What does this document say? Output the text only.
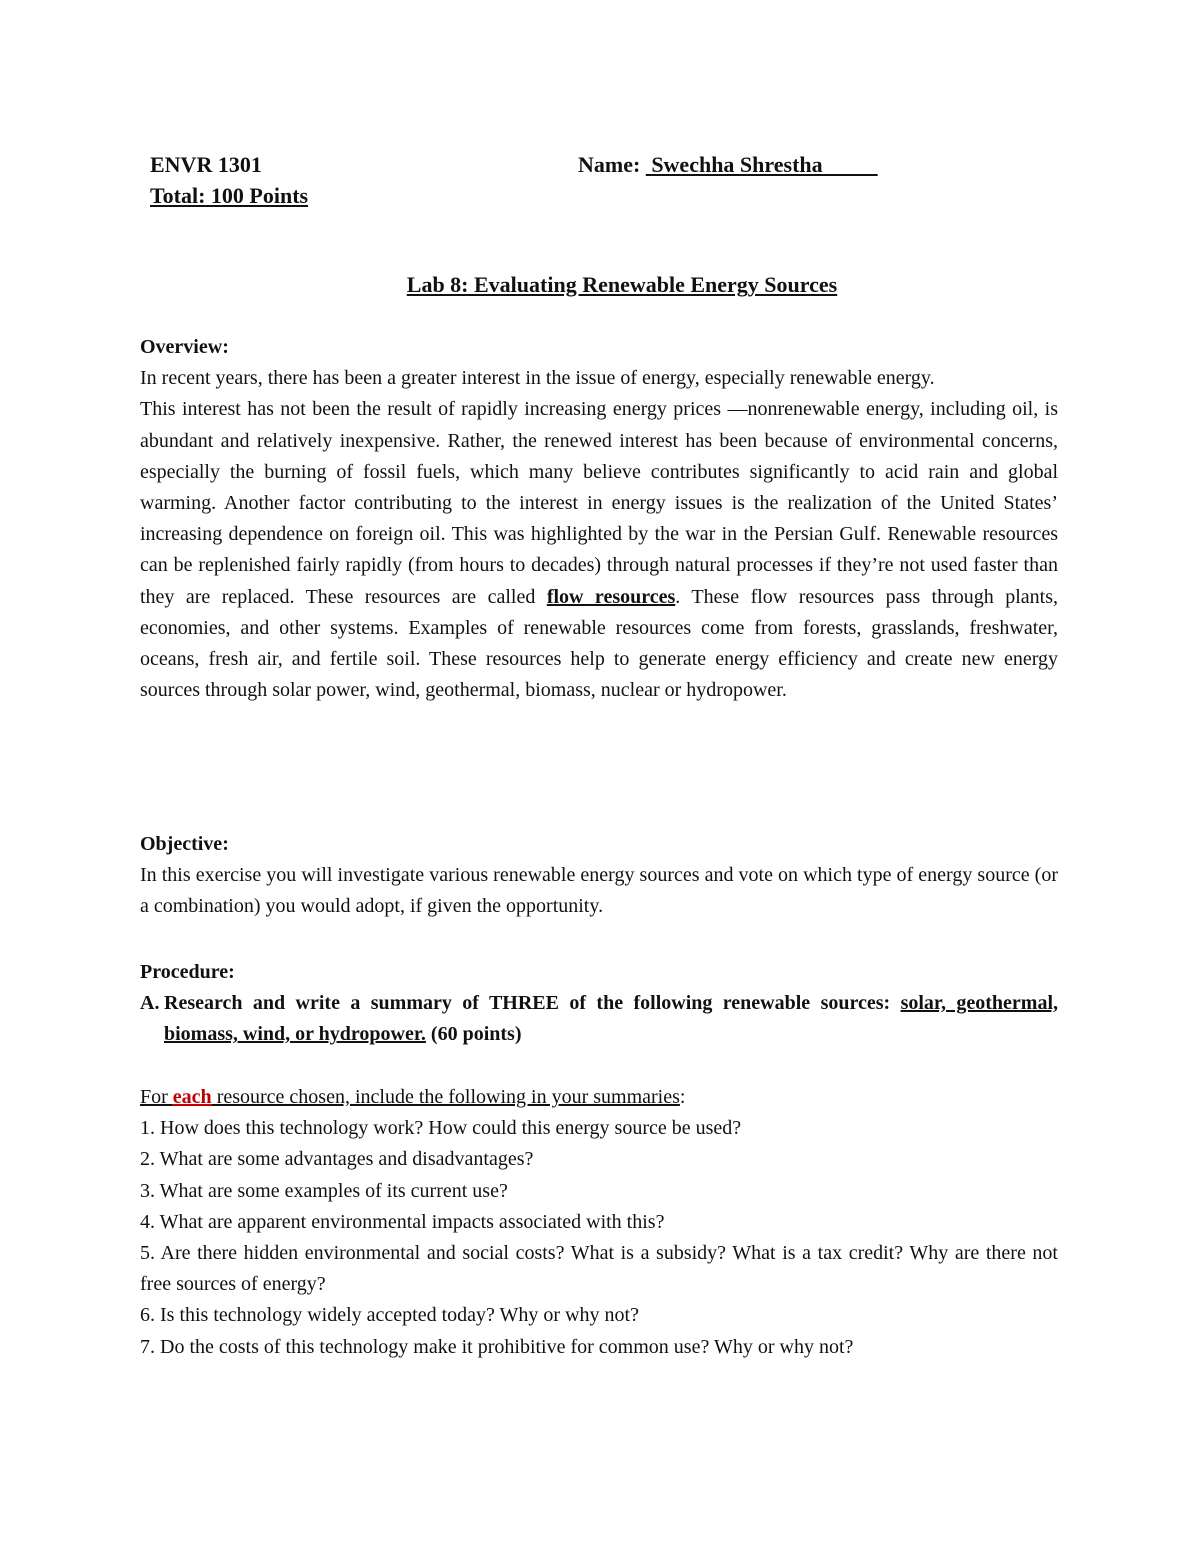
ENVR 1301
Total: 100 Points
Name:  Swechha Shrestha
Lab 8: Evaluating Renewable Energy Sources
Overview:

In recent years, there has been a greater interest in the issue of energy, especially renewable energy.

This interest has not been the result of rapidly increasing energy prices —nonrenewable energy, including oil, is abundant and relatively inexpensive. Rather, the renewed interest has been because of environmental concerns, especially the burning of fossil fuels, which many believe contributes significantly to acid rain and global warming. Another factor contributing to the interest in energy issues is the realization of the United States’ increasing dependence on foreign oil. This was highlighted by the war in the Persian Gulf. Renewable resources can be replenished fairly rapidly (from hours to decades) through natural processes if they’re not used faster than they are replaced. These resources are called flow resources. These flow resources pass through plants, economies, and other systems. Examples of renewable resources come from forests, grasslands, freshwater, oceans, fresh air, and fertile soil. These resources help to generate energy efficiency and create new energy sources through solar power, wind, geothermal, biomass, nuclear or hydropower.

Objective:

In this exercise you will investigate various renewable energy sources and vote on which type of energy source (or a combination) you would adopt, if given the opportunity.

Procedure:
A. Research and write a summary of THREE of the following renewable sources: solar, geothermal, biomass, wind, or hydropower. (60 points)

For each resource chosen, include the following in your summaries:

1. How does this technology work? How could this energy source be used?

2. What are some advantages and disadvantages?

3. What are some examples of its current use?

4. What are apparent environmental impacts associated with this?

5. Are there hidden environmental and social costs? What is a subsidy? What is a tax credit? Why are there not free sources of energy?

6. Is this technology widely accepted today? Why or why not?

7. Do the costs of this technology make it prohibitive for common use? Why or why not?
